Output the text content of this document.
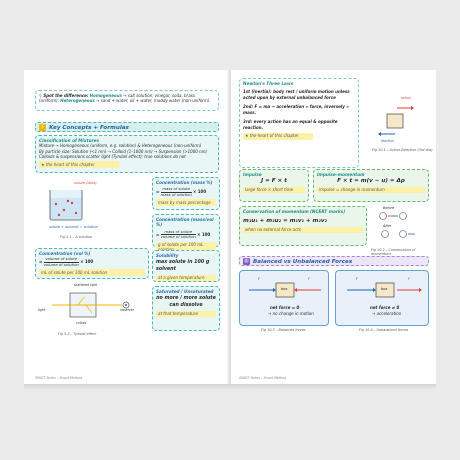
⚲ Spot the difference: Homogeneous → salt solution, vinegar, soda, brass (uniform). Heterogeneous → sand + water, oil + water, muddy water (non-uniform).
⚡ Key Concepts + Formulas
Classification of Mixtures
Mixture → Homogeneous (uniform, e.g. solution) & Heterogeneous (non-uniform)
By particle size: Solution (<1 nm) → Colloid (1–1000 nm) → Suspension (>1000 nm)
Colloids & suspensions scatter light (Tyndall effect); true solutions do not
★ the heart of this chapter
solute (dots)
solute + solvent = solution
Fig 5.1 – A solution
Concentration (mass %)
= $\frac{\text{mass of solute}}{\text{mass of solution}} \times 100$
mass by mass percentage
Concentration (mass/vol %)
= $\frac{\text{mass of solute}}{\text{volume of solution}} \times 100$
g of solute per 100 mL
Concentration (vol %)
= $\frac{\text{volume of solute}}{\text{volume of solution}} \times 100$
mL of solute per 100 mL solution
Solubility
max solute in 100 g solvent
at a given temperature
Saturated / Unsaturated
no more / more solute can dissolve
at that temperature
scattered light
light	observer
colloid
Fig 5.2 – Tyndall effect
SMSST Notes – Smart Method
Newton's Three Laws
1st (Inertia): body rest / uniform motion unless acted upon by external unbalanced force
2nd: F = ma → acceleration ∝ force, inversely ∝ mass.
3rd: every action has an equal & opposite reaction.
★ the heart of this chapter
action
reaction
Fig 10.1 – Action-Reaction (3rd law)
Impulse
J = F × t
large force × short time
Impulse–momentum
F × t = m(v − u) = Δp
impulse = change in momentum
Conservation of momentum (NCERT marks)
m₁u₁ + m₂u₂ = m₁v₁ + m₂v₂
when no external force acts
Before
After
Fig 10.2 – Conservation of momentum
▥ Balanced vs Unbalanced Forces
F	F
box
net force = 0
→ no change in motion
Fig 10.3 – Balanced forces
F	F
box
net force ≠ 0
→ acceleration
Fig 10.4 – Unbalanced forces
SMSST Notes – Smart Method
